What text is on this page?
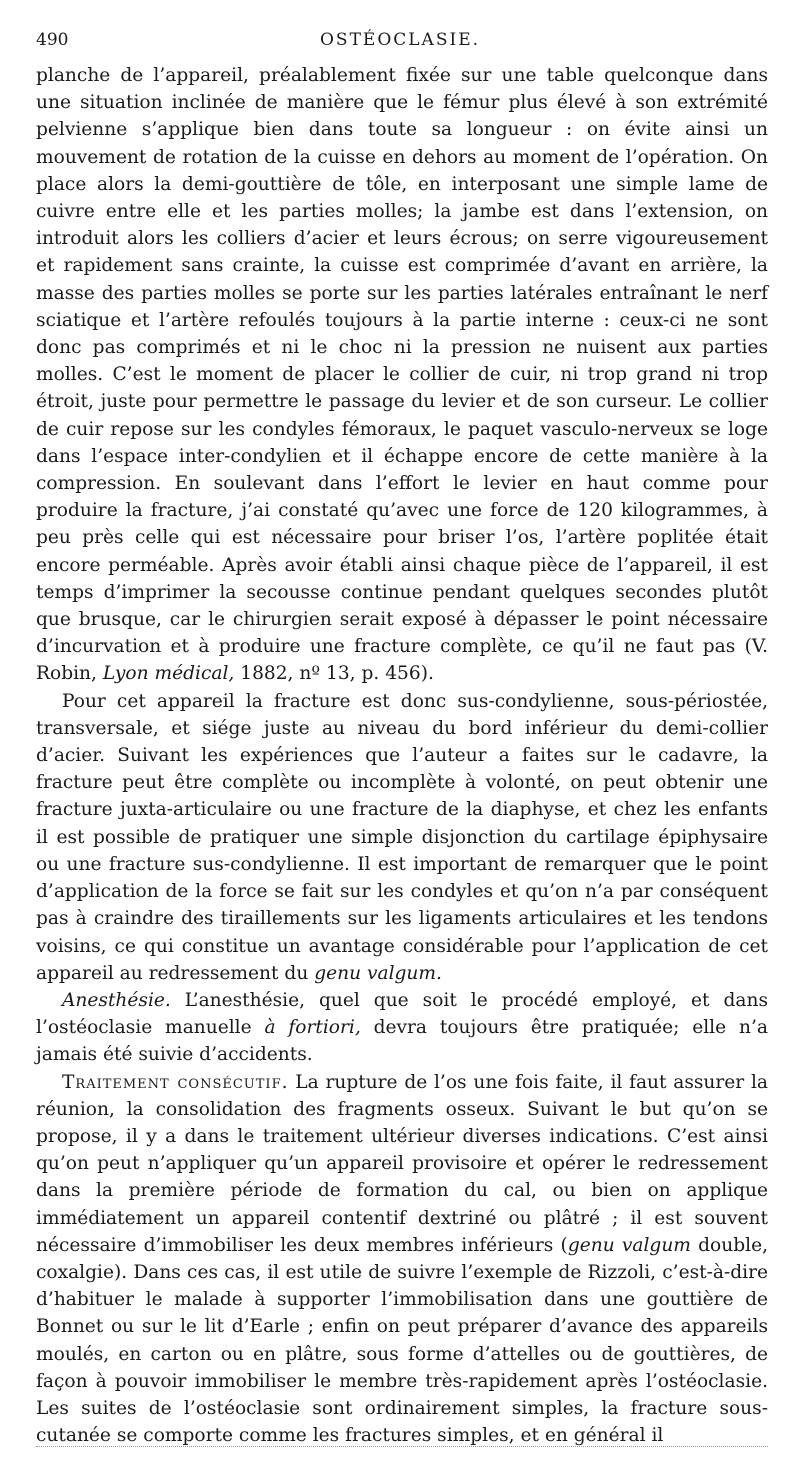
490	OSTÉOCLASIE.

planche de l’appareil, préalablement fixée sur une table quelconque dans une situation inclinée de manière que le fémur plus élevé à son extrémité pelvienne s’applique bien dans toute sa longueur : on évite ainsi un mouvement de rotation de la cuisse en dehors au moment de l’opération. On place alors la demi-gouttière de tôle, en interposant une simple lame de cuivre entre elle et les parties molles; la jambe est dans l’extension, on introduit alors les colliers d’acier et leurs écrous; on serre vigoureusement et rapidement sans crainte, la cuisse est comprimée d’avant en arrière, la masse des parties molles se porte sur les parties latérales entraînant le nerf sciatique et l’artère refoulés toujours à la partie interne : ceux-ci ne sont donc pas comprimés et ni le choc ni la pression ne nuisent aux parties molles. C’est le moment de placer le collier de cuir, ni trop grand ni trop étroit, juste pour permettre le passage du levier et de son curseur. Le collier de cuir repose sur les condyles fémoraux, le paquet vasculo-nerveux se loge dans l’espace inter-condylien et il échappe encore de cette manière à la compression. En soulevant dans l’effort le levier en haut comme pour produire la fracture, j’ai constaté qu’avec une force de 120 kilogrammes, à peu près celle qui est nécessaire pour briser l’os, l’artère poplitée était encore perméable. Après avoir établi ainsi chaque pièce de l’appareil, il est temps d’imprimer la secousse continue pendant quelques secondes plutôt que brusque, car le chirurgien serait exposé à dépasser le point nécessaire d’incurvation et à produire une fracture complète, ce qu’il ne faut pas (V. Robin, Lyon médical, 1882, nº 13, p. 456).

Pour cet appareil la fracture est donc sus-condylienne, sous-périostée, transversale, et siége juste au niveau du bord inférieur du demi-collier d’acier. Suivant les expériences que l’auteur a faites sur le cadavre, la fracture peut être complète ou incomplète à volonté, on peut obtenir une fracture juxta-articulaire ou une fracture de la diaphyse, et chez les enfants il est possible de pratiquer une simple disjonction du cartilage épiphysaire ou une fracture sus-condylienne. Il est important de remarquer que le point d’application de la force se fait sur les condyles et qu’on n’a par conséquent pas à craindre des tiraillements sur les ligaments articulaires et les tendons voisins, ce qui constitue un avantage considérable pour l’application de cet appareil au redressement du genu valgum.

Anesthésie. L’anesthésie, quel que soit le procédé employé, et dans l’ostéoclasie manuelle à fortiori, devra toujours être pratiquée; elle n’a jamais été suivie d’accidents.

Traitement consécutif. La rupture de l’os une fois faite, il faut assurer la réunion, la consolidation des fragments osseux. Suivant le but qu’on se propose, il y a dans le traitement ultérieur diverses indications. C’est ainsi qu’on peut n’appliquer qu’un appareil provisoire et opérer le redressement dans la première période de formation du cal, ou bien on applique immédiatement un appareil contentif dextriné ou plâtré ; il est souvent nécessaire d’immobiliser les deux membres inférieurs (genu valgum double, coxalgie). Dans ces cas, il est utile de suivre l’exemple de Rizzoli, c’est-à-dire d’habituer le malade à supporter l’immobilisation dans une gouttière de Bonnet ou sur le lit d’Earle ; enfin on peut préparer d’avance des appareils moulés, en carton ou en plâtre, sous forme d’attelles ou de gouttières, de façon à pouvoir immobiliser le membre très-rapidement après l’ostéoclasie. Les suites de l’ostéoclasie sont ordinairement simples, la fracture sous-cutanée se comporte comme les fractures simples, et en général il
